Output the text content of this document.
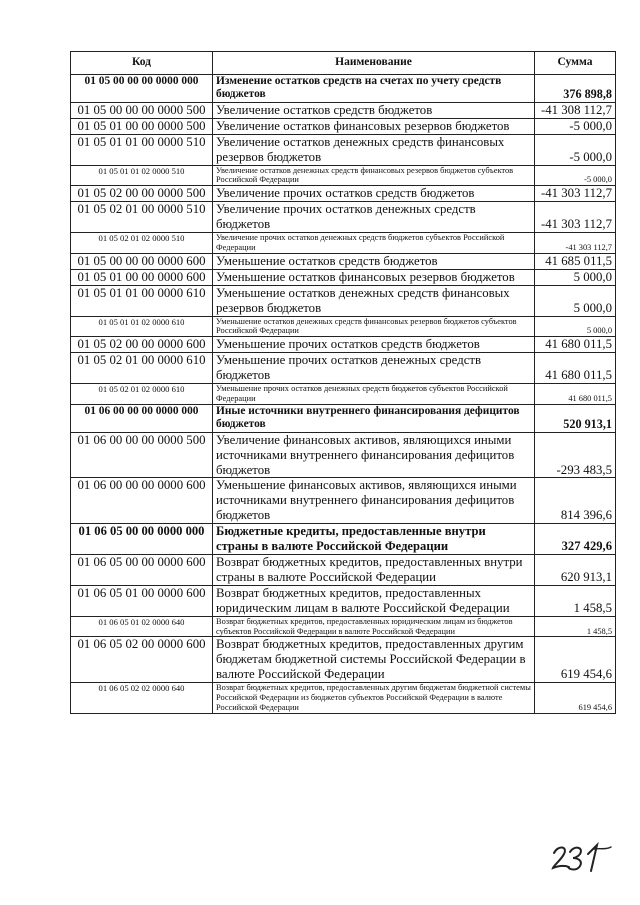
Код	Наименование	Сумма
01 05 00 00 00 0000 000	Изменение остатков средств на счетах по учету средств бюджетов	376 898,8
01 05 00 00 00 0000 500	Увеличение остатков средств бюджетов	-41 308 112,7
01 05 01 00 00 0000 500	Увеличение остатков финансовых резервов бюджетов	-5 000,0
01 05 01 01 00 0000 510	Увеличение остатков денежных средств финансовых резервов бюджетов	-5 000,0
01 05 01 01 02 0000 510	Увеличение остатков денежных средств финансовых резервов бюджетов субъектов Российской Федерации	-5 000,0
01 05 02 00 00 0000 500	Увеличение прочих остатков средств бюджетов	-41 303 112,7
01 05 02 01 00 0000 510	Увеличение прочих остатков денежных средств бюджетов	-41 303 112,7
01 05 02 01 02 0000 510	Увеличение прочих остатков денежных средств бюджетов субъектов Российской Федерации	-41 303 112,7
01 05 00 00 00 0000 600	Уменьшение остатков средств бюджетов	41 685 011,5
01 05 01 00 00 0000 600	Уменьшение остатков финансовых резервов бюджетов	5 000,0
01 05 01 01 00 0000 610	Уменьшение остатков денежных средств финансовых резервов бюджетов	5 000,0
01 05 01 01 02 0000 610	Уменьшение остатков денежных средств финансовых резервов бюджетов субъектов Российской Федерации	5 000,0
01 05 02 00 00 0000 600	Уменьшение прочих остатков средств бюджетов	41 680 011,5
01 05 02 01 00 0000 610	Уменьшение прочих остатков денежных средств бюджетов	41 680 011,5
01 05 02 01 02 0000 610	Уменьшение прочих остатков денежных средств бюджетов субъектов Российской Федерации	41 680 011,5
01 06 00 00 00 0000 000	Иные источники внутреннего финансирования дефицитов бюджетов	520 913,1
01 06 00 00 00 0000 500	Увеличение финансовых активов, являющихся иными источниками внутреннего финансирования дефицитов бюджетов	-293 483,5
01 06 00 00 00 0000 600	Уменьшение финансовых активов, являющихся иными источниками внутреннего финансирования дефицитов бюджетов	814 396,6
01 06 05 00 00 0000 000	Бюджетные кредиты, предоставленные внутри страны в валюте Российской Федерации	327 429,6
01 06 05 00 00 0000 600	Возврат бюджетных кредитов, предоставленных внутри страны в валюте Российской Федерации	620 913,1
01 06 05 01 00 0000 600	Возврат бюджетных кредитов, предоставленных юридическим лицам в валюте Российской Федерации	1 458,5
01 06 05 01 02 0000 640	Возврат бюджетных кредитов, предоставленных юридическим лицам из бюджетов субъектов Российской Федерации в валюте Российской Федерации	1 458,5
01 06 05 02 00 0000 600	Возврат бюджетных кредитов, предоставленных другим бюджетам бюджетной системы Российской Федерации в валюте Российской Федерации	619 454,6
01 06 05 02 02 0000 640	Возврат бюджетных кредитов, предоставленных другим бюджетам бюджетной системы Российской Федерации из бюджетов субъектов Российской Федерации в валюте Российской Федерации	619 454,6
